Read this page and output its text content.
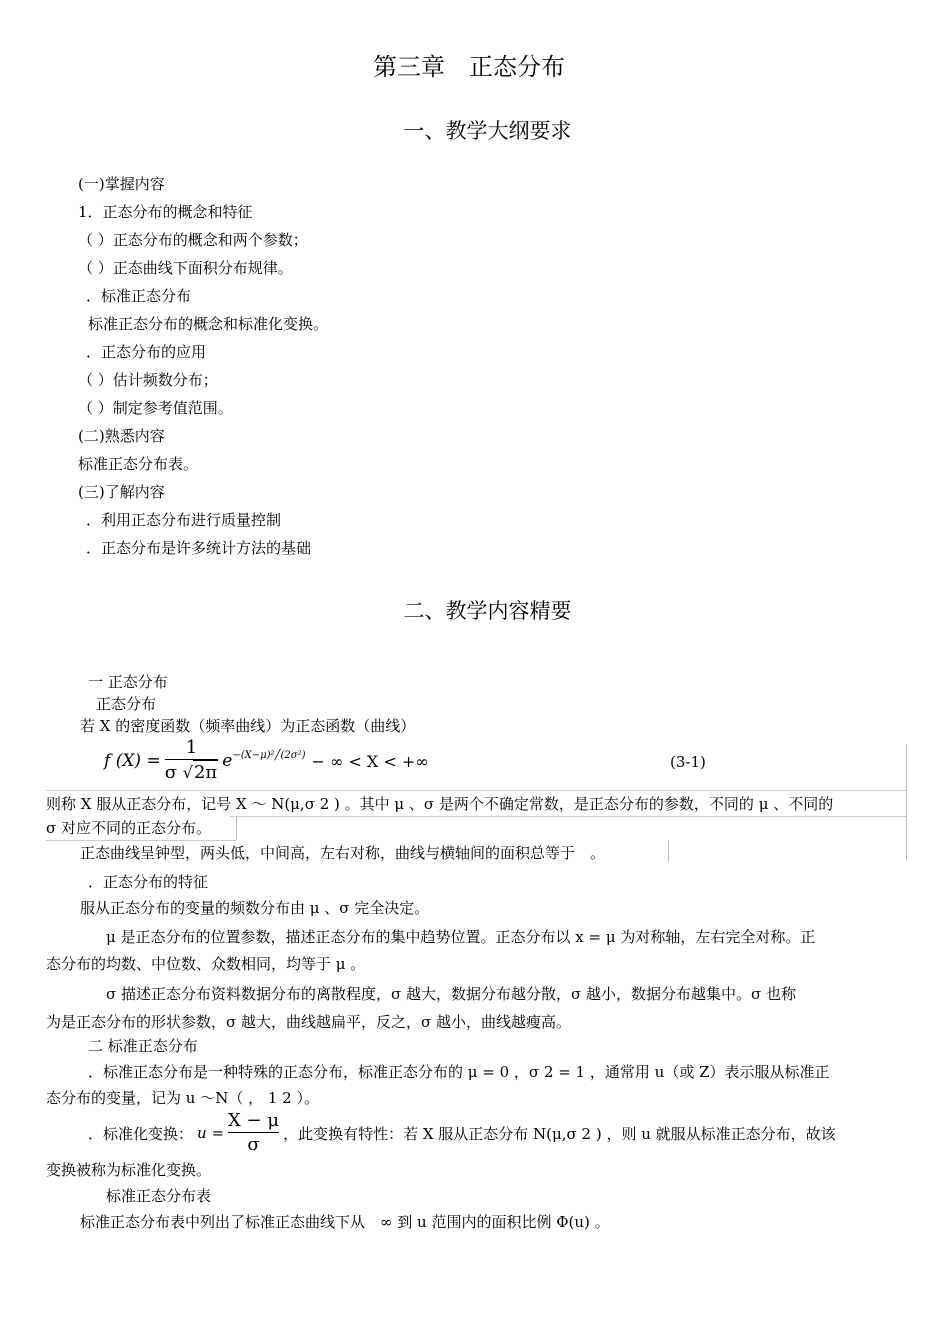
第三章　正态分布
一、教学大纲要求
(一)掌握内容
1．正态分布的概念和特征
（ ）正态分布的概念和两个参数；
（ ）正态曲线下面积分布规律。
．标准正态分布
标准正态分布的概念和标准化变换。
．正态分布的应用
（ ）估计频数分布；
（ ）制定参考值范围。
(二)熟悉内容
标准正态分布表。
(三)了解内容
．利用正态分布进行质量控制
．正态分布是许多统计方法的基础
二、教学内容精要
一 正态分布
正态分布
若 X 的密度函数（频率曲线）为正态函数（曲线）
f $(X) = \frac{1}{\sigma √2\pi}$ e −(X−μ)²╱(2σ²) − ∞ < X < +∞	(3-1)
则称 X 服从正态分布，记号 X ～ N(μ,σ 2 ) 。其中 μ 、σ 是两个不确定常数，是正态分布的参数，不同的 μ 、不同的
σ 对应不同的正态分布。
正态曲线呈钟型，两头低，中间高，左右对称，曲线与横轴间的面积总等于　。
．正态分布的特征
服从正态分布的变量的频数分布由 μ 、σ 完全决定。
μ 是正态分布的位置参数，描述正态分布的集中趋势位置。正态分布以 x = μ 为对称轴，左右完全对称。正
态分布的均数、中位数、众数相同，均等于 μ 。
σ 描述正态分布资料数据分布的离散程度，σ 越大，数据分布越分散，σ 越小，数据分布越集中。σ 也称
为是正态分布的形状参数，σ 越大，曲线越扁平，反之，σ 越小，曲线越瘦高。
二 标准正态分布
．标准正态分布是一种特殊的正态分布，标准正态分布的 μ = 0 ，σ 2 = 1 ，通常用 u（或 Z）表示服从标准正
态分布的变量，记为 u ～N（ ， 1 2 ）。
．标准化变换： $u = \frac{X - \mu}{\sigma}$ ，此变换有特性：若 X 服从正态分布 N(μ,σ 2 ) ，则 u 就服从标准正态分布，故该
变换被称为标准化变换。
标准正态分布表
标准正态分布表中列出了标准正态曲线下从　∞ 到 u 范围内的面积比例 Φ(u) 。
